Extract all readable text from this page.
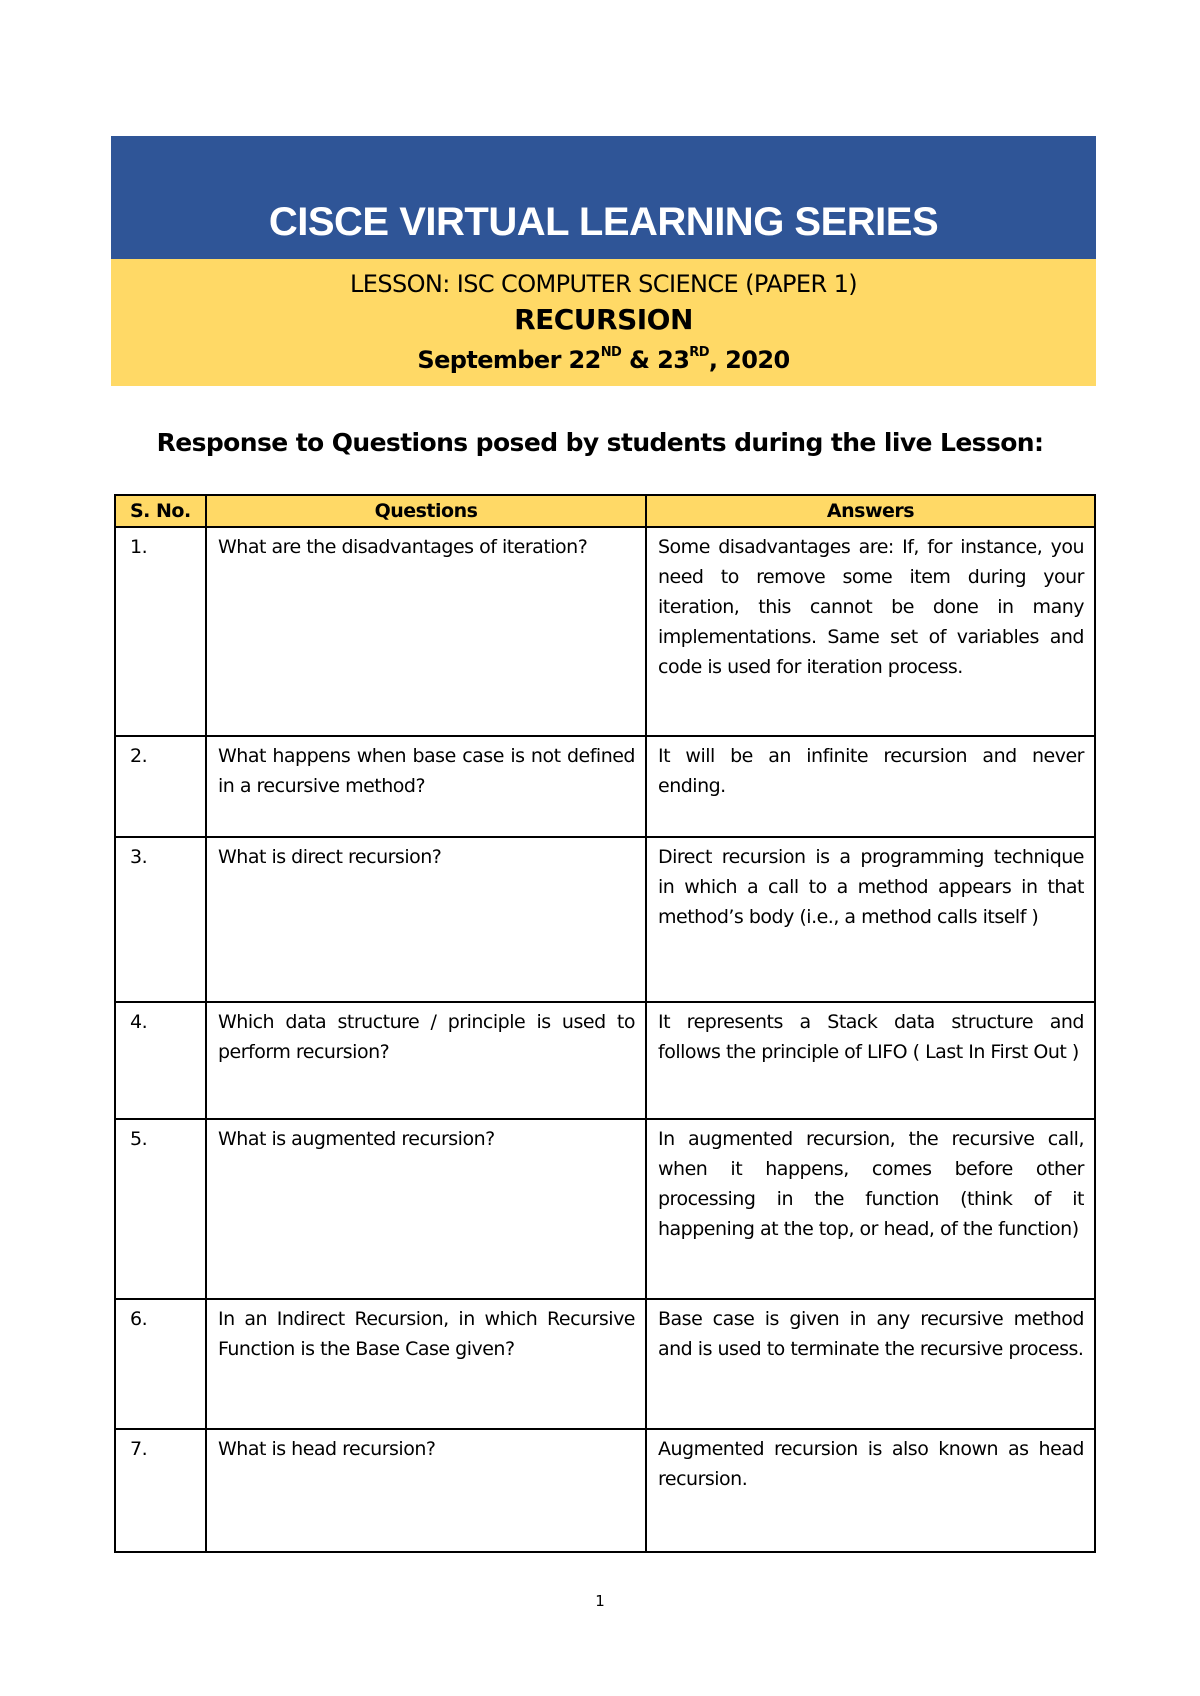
CISCE VIRTUAL LEARNING SERIES
LESSON: ISC COMPUTER SCIENCE (PAPER 1)
RECURSION
September 22ND & 23RD, 2020
Response to Questions posed by students during the live Lesson:
S. No.	Questions	Answers
1.	What are the disadvantages of iteration?	Some disadvantages are: If, for instance, you need to remove some item during your iteration, this cannot be done in many implementations. Same set of variables and code is used for iteration process.
2.	What happens when base case is not defined in a recursive method?	It will be an infinite recursion and never ending.
3.	What is direct recursion?	Direct recursion is a programming technique in which a call to a method appears in that method’s body (i.e., a method calls itself )
4.	Which data structure / principle is used to perform recursion?	It represents a Stack data structure and follows the principle of LIFO ( Last In First Out )
5.	What is augmented recursion?	In augmented recursion, the recursive call, when it happens, comes before other processing in the function (think of it happening at the top, or head, of the function)
6.	In an Indirect Recursion, in which Recursive Function is the Base Case given?	Base case is given in any recursive method and is used to terminate the recursive process.
7.	What is head recursion?	Augmented recursion is also known as head recursion.
1
